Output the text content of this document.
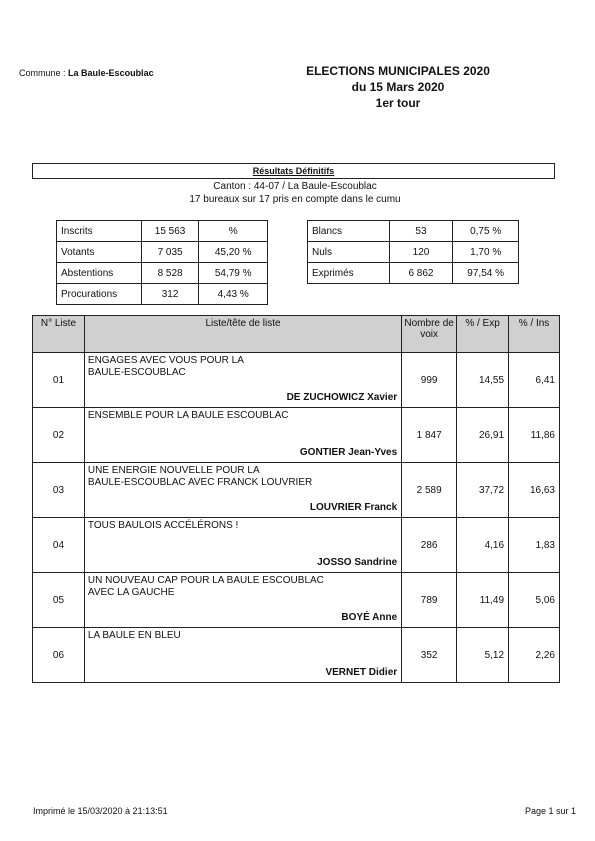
Commune : La Baule-Escoublac	ELECTIONS MUNICIPALES 2020
du 15 Mars 2020
1er tour
Résultats Définitifs
Canton : 44-07 / La Baule-Escoublac
17 bureaux sur 17 pris en compte dans le cumu
Inscrits	15 563	%
Votants	7 035	45,20 %
Abstentions	8 528	54,79 %
Procurations	312	4,43 %
Blancs	53	0,75 %
Nuls	120	1,70 %
Exprimés	6 862	97,54 %
N° Liste	Liste/tête de liste	Nombre de voix	% / Exp	% / Ins
01	ENGAGES AVEC VOUS POUR LA
BAULE-ESCOUBLAC
DE ZUCHOWICZ Xavier	999	14,55	6,41
02	ENSEMBLE POUR LA BAULE ESCOUBLAC
GONTIER Jean-Yves	1 847	26,91	11,86
03	UNE ENERGIE NOUVELLE POUR LA
BAULE-ESCOUBLAC AVEC FRANCK LOUVRIER
LOUVRIER Franck	2 589	37,72	16,63
04	TOUS BAULOIS ACCÉLÉRONS !
JOSSO Sandrine	286	4,16	1,83
05	UN NOUVEAU CAP POUR LA BAULE ESCOUBLAC
AVEC LA GAUCHE
BOYÉ Anne	789	11,49	5,06
06	LA BAULE EN BLEU
VERNET Didier	352	5,12	2,26
Imprimé le 15/03/2020 à 21:13:51	Page 1 sur 1
